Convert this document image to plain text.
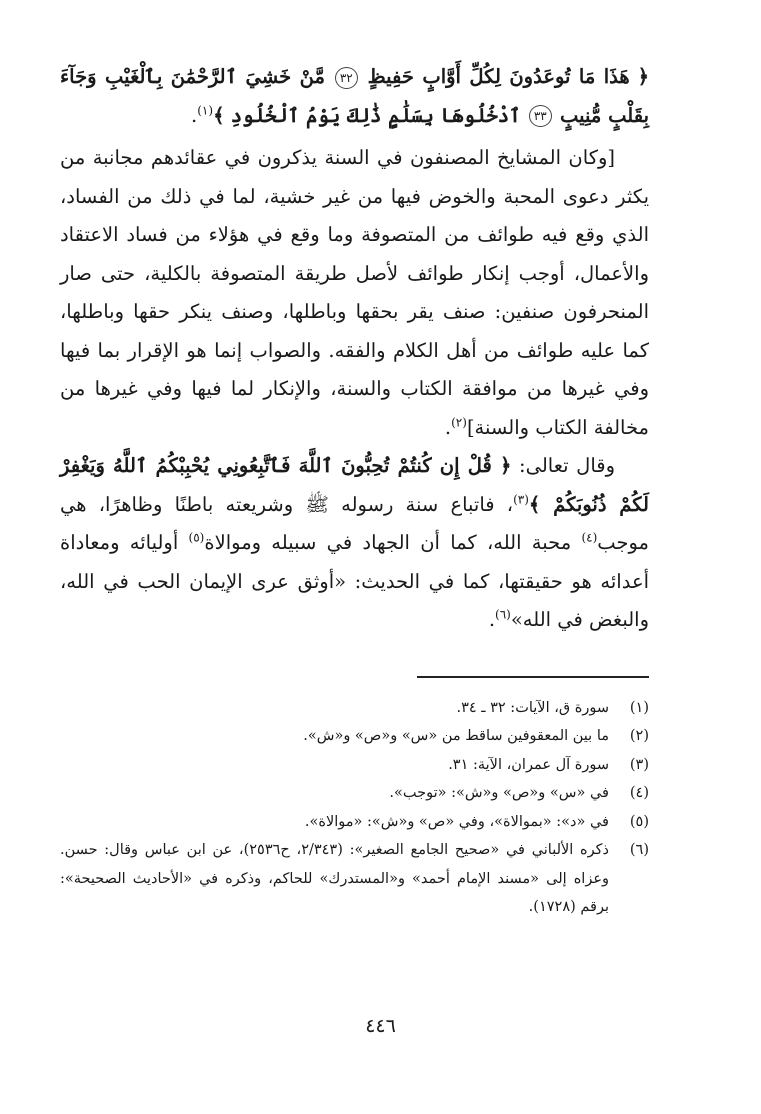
﴿ هَذَا مَا تُوعَدُونَ لِكُلِّ أَوَّابٍ حَفِيظٍ ٣٢ مَّنْ خَشِيَ ٱلرَّحْمَٰنَ بِٱلْغَيْبِ وَجَآءَ بِقَلْبٍ مُّنِيبٍ ٣٣ ٱدْخُلُوهَا بِسَلَٰمٍ ذَٰلِكَ يَوْمُ ٱلْخُلُودِ ﴾$^{(١)}$.

[وكان المشايخ المصنفون في السنة يذكرون في عقائدهم مجانبة من يكثر دعوى المحبة والخوض فيها من غير خشية، لما في ذلك من الفساد، الذي وقع فيه طوائف من المتصوفة وما وقع في هؤلاء من فساد الاعتقاد والأعمال، أوجب إنكار طوائف لأصل طريقة المتصوفة بالكلية، حتى صار المنحرفون صنفين: صنف يقر بحقها وباطلها، وصنف ينكر حقها وباطلها، كما عليه طوائف من أهل الكلام والفقه. والصواب إنما هو الإقرار بما فيها وفي غيرها من موافقة الكتاب والسنة، والإنكار لما فيها وفي غيرها من مخالفة الكتاب والسنة]$^{(٢)}$.

وقال تعالى: ﴿ قُلْ إِن كُنتُمْ تُحِبُّونَ ٱللَّهَ فَٱتَّبِعُونِي يُحْبِبْكُمُ ٱللَّهُ وَيَغْفِرْ لَكُمْ ذُنُوبَكُمْ ﴾$^{(٣)}$، فاتباع سنة رسوله ﷺ وشريعته باطنًا وظاهرًا، هي موجب$^{(٤)}$ محبة الله، كما أن الجهاد في سبيله وموالاة$^{(٥)}$ أوليائه ومعاداة أعدائه هو حقيقتها، كما في الحديث: «أوثق عرى الإيمان الحب في الله، والبغض في الله»$^{(٦)}$.

(١)
سورة ق، الآيات: ٣٢ ـ ٣٤.
(٢)
ما بين المعقوفين ساقط من «س» و«ص» و«ش».
(٣)
سورة آل عمران، الآية: ٣١.
(٤)
في «س» و«ص» و«ش»: «توجب».
(٥)
في «د»: «بموالاة»، وفي «ص» و«ش»: «موالاة».
(٦)
ذكره الألباني في «صحيح الجامع الصغير»: (٢/٣٤٣، ح٢٥٣٦)، عن ابن عباس وقال: حسن. وعزاه إلى «مسند الإمام أحمد» و«المستدرك» للحاكم، وذكره في «الأحاديث الصحيحة»: برقم (١٧٢٨).
٤٤٦
